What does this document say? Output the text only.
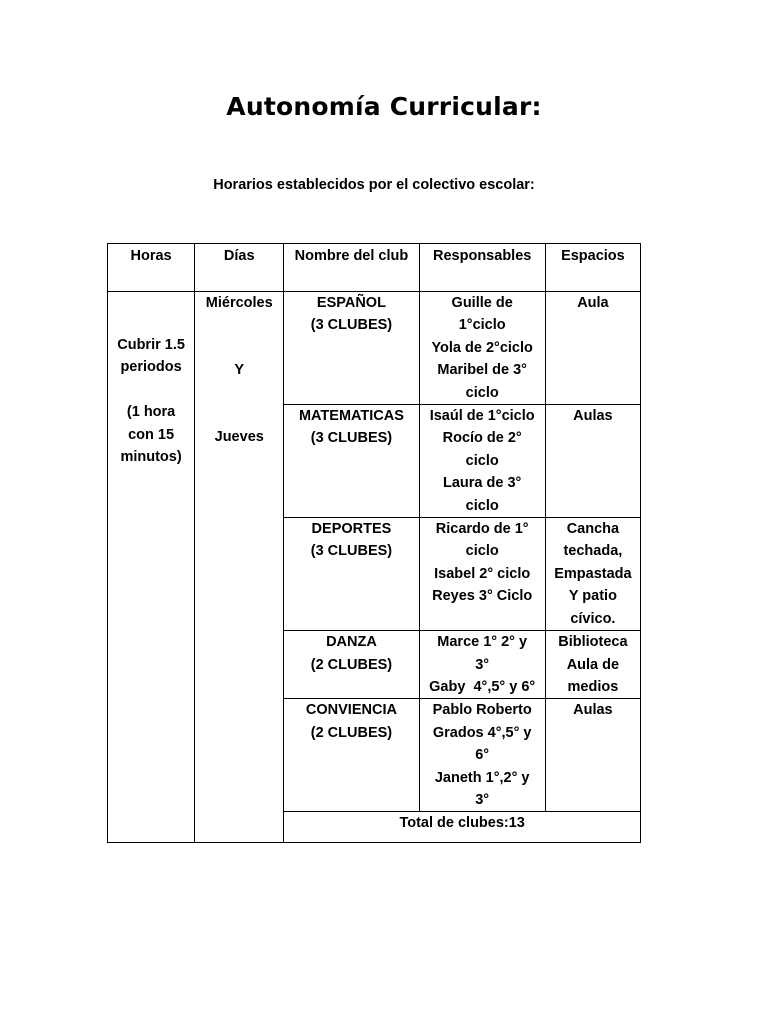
Autonomía Curricular:
Horarios establecidos por el colectivo escolar:
Horas	Días	Nombre del club	Responsables	Espacios

Cubrir 1.5
periodos
(1 hora
con 15
minutos)	Miércoles
Y
Jueves	ESPAÑOL
(3 CLUBES)	Guille de
1°ciclo
Yola de 2°ciclo
Maribel de 3°
ciclo	Aula

		MATEMATICAS
(3 CLUBES)	Isaúl de 1°ciclo
Rocío de 2°
ciclo
Laura de 3°
ciclo	Aulas

		DEPORTES
(3 CLUBES)	Ricardo de 1°
ciclo
Isabel 2° ciclo
Reyes 3° Ciclo	Cancha
techada,
Empastada
Y patio
cívico.

		DANZA
(2 CLUBES)	Marce 1° 2° y
3°
Gaby  4°,5° y 6°	Biblioteca
Aula de
medios

		CONVIENCIA
(2 CLUBES)	Pablo Roberto
Grados 4°,5° y
6°
Janeth 1°,2° y
3°	Aulas

		Total de clubes:13		
